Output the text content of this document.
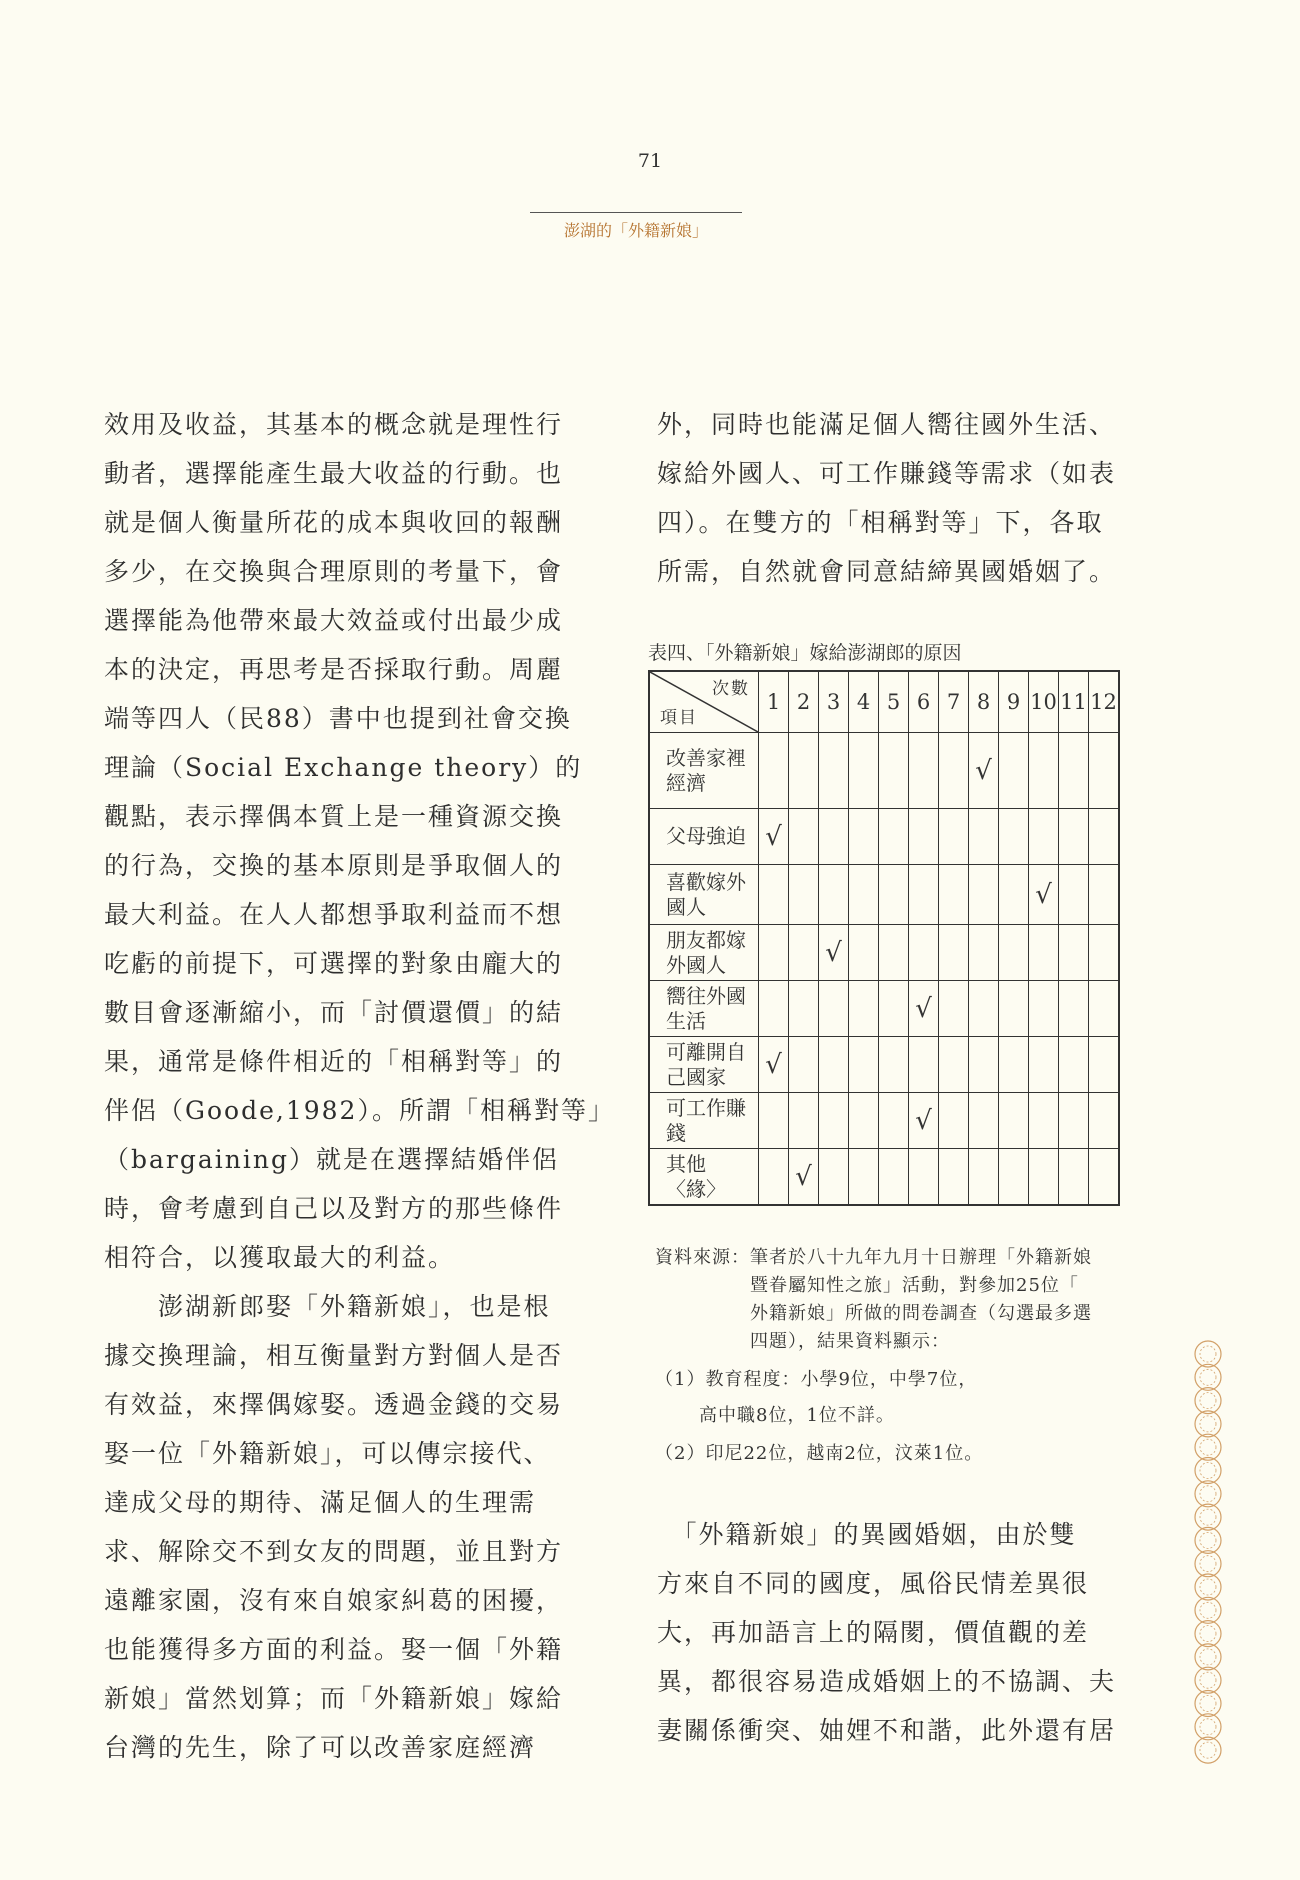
71
澎湖的「外籍新娘」
效用及收益，其基本的概念就是理性行
動者，選擇能產生最大收益的行動。也
就是個人衡量所花的成本與收回的報酬
多少，在交換與合理原則的考量下，會
選擇能為他帶來最大效益或付出最少成
本的決定，再思考是否採取行動。周麗
端等四人（民88）書中也提到社會交換
理論（Social Exchange theory）的
觀點，表示擇偶本質上是一種資源交換
的行為，交換的基本原則是爭取個人的
最大利益。在人人都想爭取利益而不想
吃虧的前提下，可選擇的對象由龐大的
數目會逐漸縮小，而「討價還價」的結
果，通常是條件相近的「相稱對等」的
伴侶（Goode,1982）。所謂「相稱對等」
（bargaining）就是在選擇結婚伴侶
時，會考慮到自己以及對方的那些條件
相符合，以獲取最大的利益。
　　澎湖新郎娶「外籍新娘」，也是根
據交換理論，相互衡量對方對個人是否
有效益，來擇偶嫁娶。透過金錢的交易
娶一位「外籍新娘」，可以傳宗接代、
達成父母的期待、滿足個人的生理需
求、解除交不到女友的問題，並且對方
遠離家園，沒有來自娘家糾葛的困擾，
也能獲得多方面的利益。娶一個「外籍
新娘」當然划算；而「外籍新娘」嫁給
台灣的先生，除了可以改善家庭經濟
外，同時也能滿足個人嚮往國外生活、
嫁給外國人、可工作賺錢等需求（如表
四）。在雙方的「相稱對等」下，各取
所需，自然就會同意結締異國婚姻了。
表四、「外籍新娘」嫁給澎湖郎的原因
次數
項目	1	2	3	4	5	6	7	8	9	10	11	12

改善家裡
經濟								√				

父母強迫	√											

喜歡嫁外
國人										√		

朋友都嫁
外國人			√									

嚮往外國
生活						√						

可離開自
己國家	√											

可工作賺
錢						√						

其他
〈緣〉		√										
資料來源： 筆者於八十九年九月十日辦理「外籍新娘
暨眷屬知性之旅」活動，對參加25位「
外籍新娘」所做的問卷調查（勾選最多選
四題），結果資料顯示：
（1）教育程度：小學9位，中學7位，
高中職8位，1位不詳。
（2）印尼22位，越南2位，汶萊1位。
　「外籍新娘」的異國婚姻，由於雙
方來自不同的國度，風俗民情差異很
大，再加語言上的隔閡，價值觀的差
異，都很容易造成婚姻上的不協調、夫
妻關係衝突、妯娌不和諧，此外還有居
